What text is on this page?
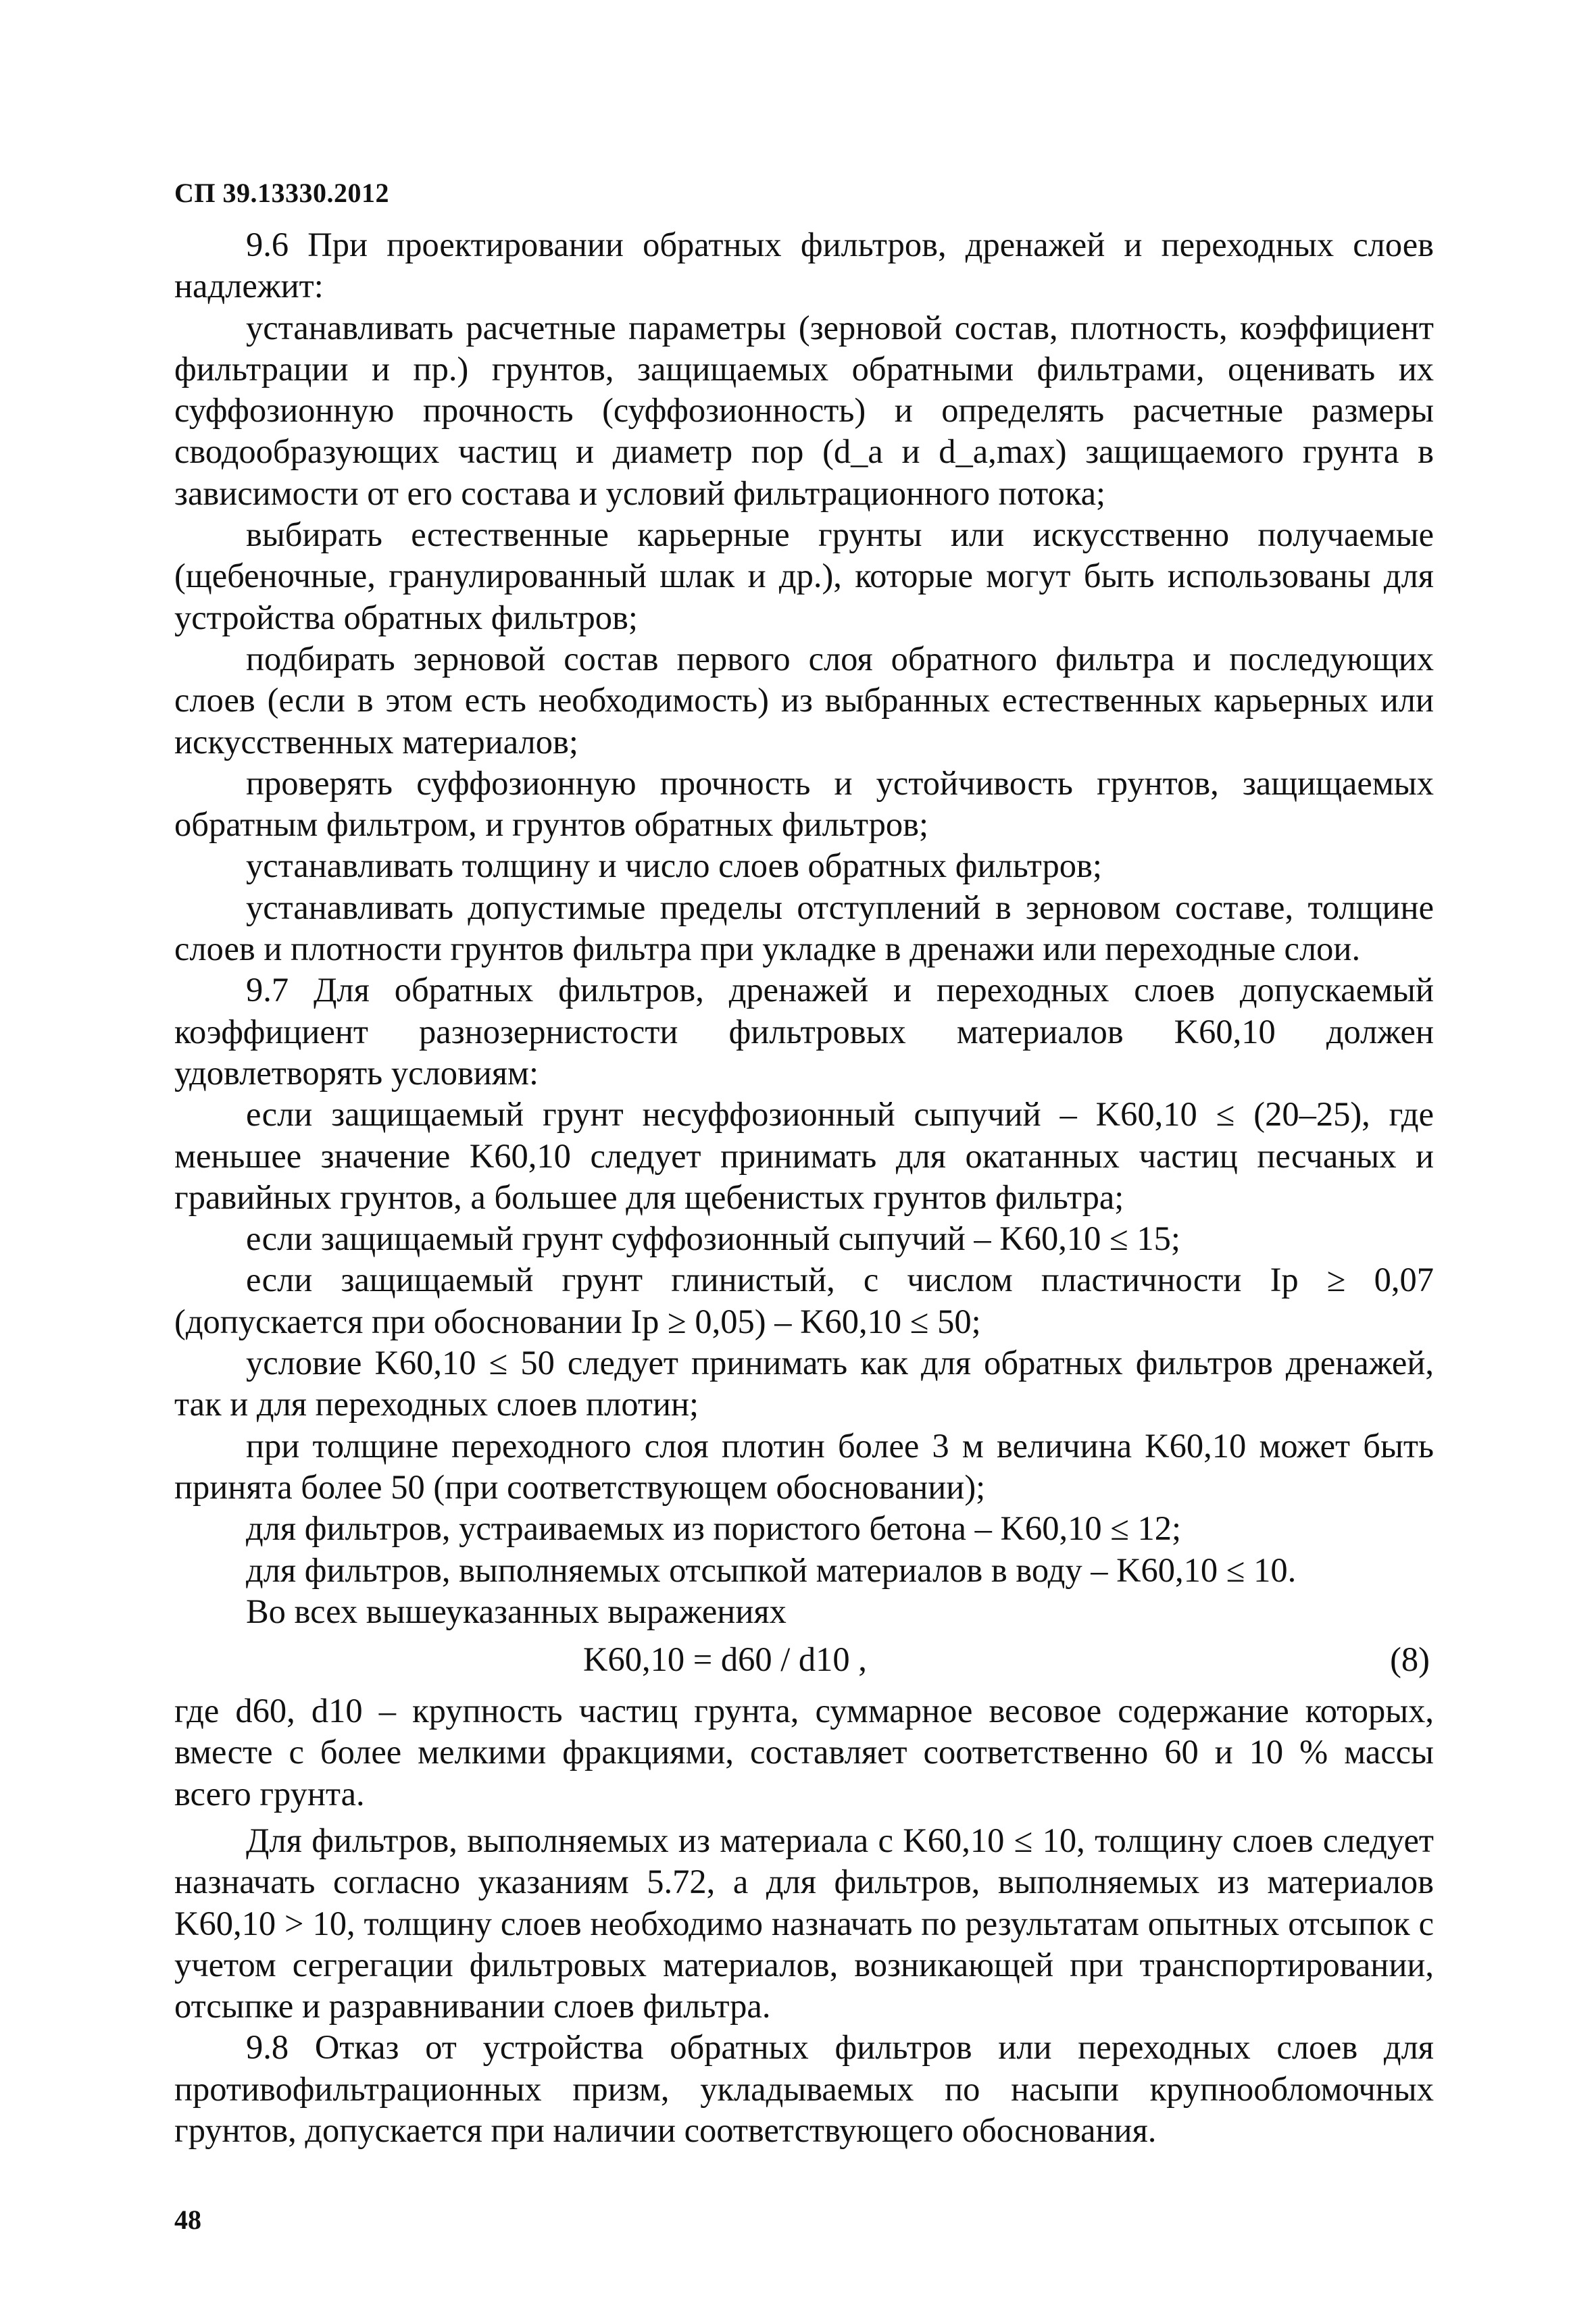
СП 39.13330.2012

9.6 При проектировании обратных фильтров, дренажей и переходных слоев надлежит:

устанавливать расчетные параметры (зерновой состав, плотность, коэффициент фильтрации и пр.) грунтов, защищаемых обратными фильтрами, оценивать их суффозионную прочность (суффозионность) и определять расчетные размеры сводообразующих частиц и диаметр пор (d_a и d_a,max) защищаемого грунта в зависимости от его состава и условий фильтрационного потока;

выбирать естественные карьерные грунты или искусственно получаемые (щебеночные, гранулированный шлак и др.), которые могут быть использованы для устройства обратных фильтров;

подбирать зерновой состав первого слоя обратного фильтра и последующих слоев (если в этом есть необходимость) из выбранных естественных карьерных или искусственных материалов;

проверять суффозионную прочность и устойчивость грунтов, защищаемых обратным фильтром, и грунтов обратных фильтров;

устанавливать толщину и число слоев обратных фильтров;

устанавливать допустимые пределы отступлений в зерновом составе, толщине слоев и плотности грунтов фильтра при укладке в дренажи или переходные слои.

9.7 Для обратных фильтров, дренажей и переходных слоев допускаемый коэффициент разнозернистости фильтровых материалов K60,10 должен удовлетворять условиям:

если защищаемый грунт несуффозионный сыпучий – K60,10 ≤ (20–25), где меньшее значение K60,10 следует принимать для окатанных частиц песчаных и гравийных грунтов, а большее для щебенистых грунтов фильтра;

если защищаемый грунт суффозионный сыпучий – K60,10 ≤ 15;

если защищаемый грунт глинистый, с числом пластичности Ip ≥ 0,07 (допускается при обосновании Ip ≥ 0,05) – K60,10 ≤ 50;

условие K60,10 ≤ 50 следует принимать как для обратных фильтров дренажей, так и для переходных слоев плотин;

при толщине переходного слоя плотин более 3 м величина K60,10 может быть принята более 50 (при соответствующем обосновании);

для фильтров, устраиваемых из пористого бетона – K60,10 ≤ 12;

для фильтров, выполняемых отсыпкой материалов в воду – K60,10 ≤ 10.

Во всех вышеуказанных выражениях

K60,10 = d60 / d10 ,	(8)

где d60, d10 – крупность частиц грунта, суммарное весовое содержание которых, вместе с более мелкими фракциями, составляет соответственно 60 и 10 % массы всего грунта.

Для фильтров, выполняемых из материала с K60,10 ≤ 10, толщину слоев следует назначать согласно указаниям 5.72, а для фильтров, выполняемых из материалов K60,10 > 10, толщину слоев необходимо назначать по результатам опытных отсыпок с учетом сегрегации фильтровых материалов, возникающей при транспортировании, отсыпке и разравнивании слоев фильтра.

9.8 Отказ от устройства обратных фильтров или переходных слоев для противофильтрационных призм, укладываемых по насыпи крупнообломочных грунтов, допускается при наличии соответствующего обоснования.

48
